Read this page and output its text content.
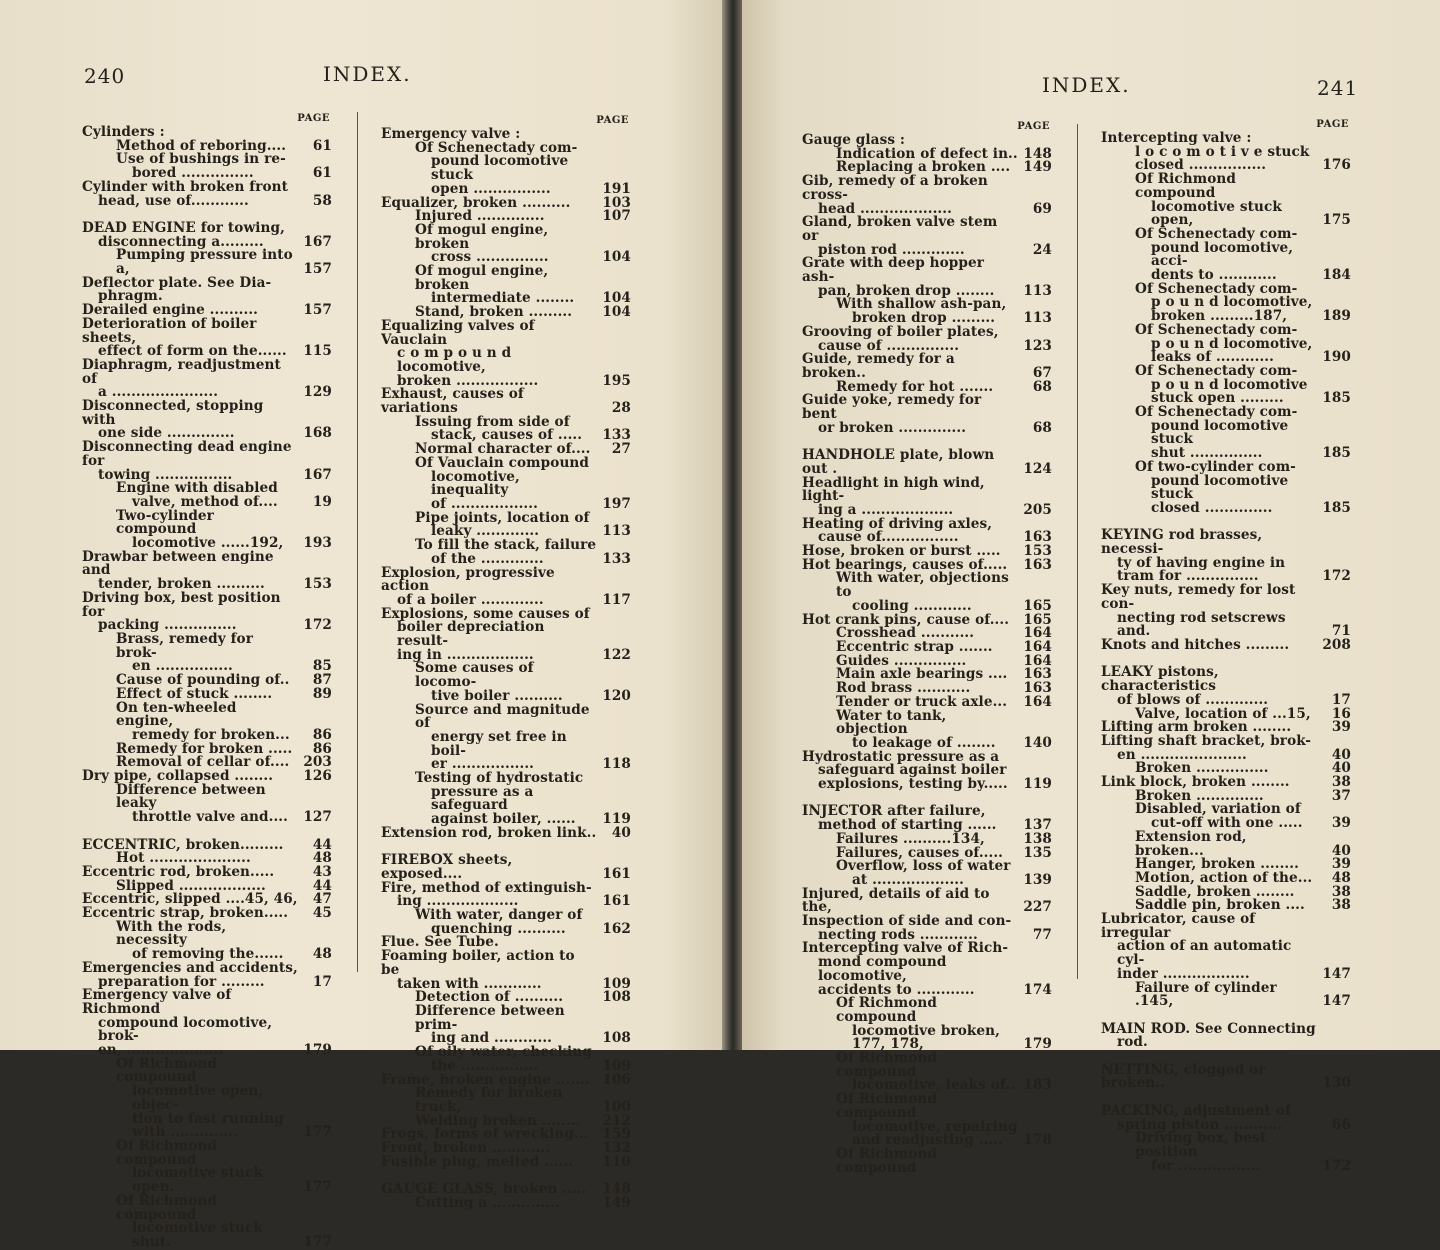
240	INDEX.
PAGE
Cylinders :
Method of reboring....	61
Use of bushings in re-
bored ...............	61
Cylinder with broken front
head, use of............	58
DEAD ENGINE for towing,
disconnecting a.........	167
Pumping pressure into a,	157
Deflector plate. See Dia-
phragm.
Derailed engine ..........	157
Deterioration of boiler sheets,
effect of form on the......	115
Diaphragm, readjustment of
a ......................	129
Disconnected, stopping with
one side ..............	168
Disconnecting dead engine for
towing ................	167
Engine with disabled
valve, method of....	19
Two-cylinder compound
locomotive ......192,	193
Drawbar between engine and
tender, broken ..........	153
Driving box, best position for
packing ...............	172
Brass, remedy for brok-
en ................	85
Cause of pounding of..	87
Effect of stuck ........	89
On ten-wheeled engine,
remedy for broken...	86
Remedy for broken .....	86
Removal of cellar of....	203
Dry pipe, collapsed ........	126
Difference between leaky
throttle valve and....	127
ECCENTRIC, broken.........	44
Hot .....................	48
Eccentric rod, broken.....	43
Slipped ..................	44
Eccentric, slipped ....45, 46,	47
Eccentric strap, broken.....	45
With the rods, necessity
of removing the......	48
Emergencies and accidents,
preparation for .........	17
Emergency valve of Richmond
compound locomotive, brok-
en, ....................	179
Of Richmond compound
locomotive open, objec-
tion to fast running
with ..............	177
Of Richmond compound
locomotive stuck open.	177
Of Richmond compound
locomotive stuck shut.	177
PAGE
Emergency valve :
Of Schenectady com-
pound locomotive stuck
open ................	191
Equalizer, broken ..........	103
Injured ..............	107
Of mogul engine, broken
cross ...............	104
Of mogul engine, broken
intermediate ........	104
Stand, broken .........	104
Equalizing valves of Vauclain
c o m p o u n d locomotive,
broken .................	195
Exhaust, causes of variations	28
Issuing from side of
stack, causes of .....	133
Normal character of....	27
Of Vauclain compound
locomotive, inequality
of ..................	197
Pipe joints, location of
leaky .............	113
To fill the stack, failure
of the .............	133
Explosion, progressive action
of a boiler .............	117
Explosions, some causes of
boiler depreciation result-
ing in ..................	122
Some causes of locomo-
tive boiler ..........	120
Source and magnitude of
energy set free in boil-
er .................	118
Testing of hydrostatic
pressure as a safeguard
against boiler, ......	119
Extension rod, broken link..	40
FIREBOX sheets, exposed....	161
Fire, method of extinguish-
ing ...................	161
With water, danger of
quenching ..........	162
Flue. See Tube.
Foaming boiler, action to be
taken with ............	109
Detection of ..........	108
Difference between prim-
ing and ............	108
Of oily water, checking
the ................	109
Frame, broken engine ....... 106
Remedy for broken truck,	100
Welding broken ........	212
Frogs, forms of wrecking...	159
Front, broken ............	132
Fusible plug, melted ......	110
GAUGE GLASS, broken .....	148
Cutting a ..............	149
INDEX.	241
PAGE
Gauge glass :
Indication of defect in.. 148
Replacing a broken .... 149
Gib, remedy of a broken cross-
head ...................	69
Gland, broken valve stem or
piston rod .............	24
Grate with deep hopper ash-
pan, broken drop ........	113
With shallow ash-pan,
broken drop .........	113
Grooving of boiler plates,
cause of ...............	123
Guide, remedy for a broken..	67
Remedy for hot .......	68
Guide yoke, remedy for bent
or broken ..............	68
HANDHOLE plate, blown out .	124
Headlight in high wind, light-
ing a ...................	205
Heating of driving axles,
cause of................	163
Hose, broken or burst .....	153
Hot bearings, causes of.....	163
With water, objections to
cooling ............	165
Hot crank pins, cause of....	165
Crosshead ...........	164
Eccentric strap .......	164
Guides ...............	164
Main axle bearings ....	163
Rod brass ...........	163
Tender or truck axle...	164
Water to tank, objection
to leakage of ........	140
Hydrostatic pressure as a
safeguard against boiler
explosions, testing by.....	119
INJECTOR after failure,
method of starting ......	137
Failures ..........134,	138
Failures, causes of.....	135
Overflow, loss of water
at ...................	139
Injured, details of aid to the,	227
Inspection of side and con-
necting rods ............	77
Intercepting valve of Rich-
mond compound locomotive,
accidents to ............	174
Of Richmond compound
locomotive broken,
177, 178,	179
Of Richmond compound
locomotive, leaks of.. 183
Of Richmond compound
locomotive, repairing
and readjusting .....	178
Of Richmond compound
PAGE
Intercepting valve :
l o c o m o t i v e stuck
closed ................	176
Of Richmond compound
locomotive stuck open,	175
Of Schenectady com-
pound locomotive, acci-
dents to ............	184
Of Schenectady com-
p o u n d locomotive,
broken .........187,	189
Of Schenectady com-
p o u n d locomotive,
leaks of ............	190
Of Schenectady com-
p o u n d locomotive
stuck open .........	185
Of Schenectady com-
pound locomotive stuck
shut ...............	185
Of two-cylinder com-
pound locomotive stuck
closed ..............	185
KEYING rod brasses, necessi-
ty of having engine in
tram for ...............	172
Key nuts, remedy for lost con-
necting rod setscrews and.	71
Knots and hitches .........	208
LEAKY pistons, characteristics
of blows of .............	17
Valve, location of ...15,	16
Lifting arm broken ........	39
Lifting shaft bracket, brok-
en ......................	40
Broken ...............	40
Link block, broken ........	38
Broken ..............	37
Disabled, variation of
cut-off with one .....	39
Extension rod, broken...	40
Hanger, broken ........	39
Motion, action of the...	48
Saddle, broken ........	38
Saddle pin, broken ....	38
Lubricator, cause of irregular
action of an automatic cyl-
inder ..................	147
Failure of cylinder .145,	147
MAIN ROD. See Connecting
rod.
NETTING, clogged or broken..	130
PACKING, adjustment of
spring piston ............	66
Driving box, best position
for .................	172
